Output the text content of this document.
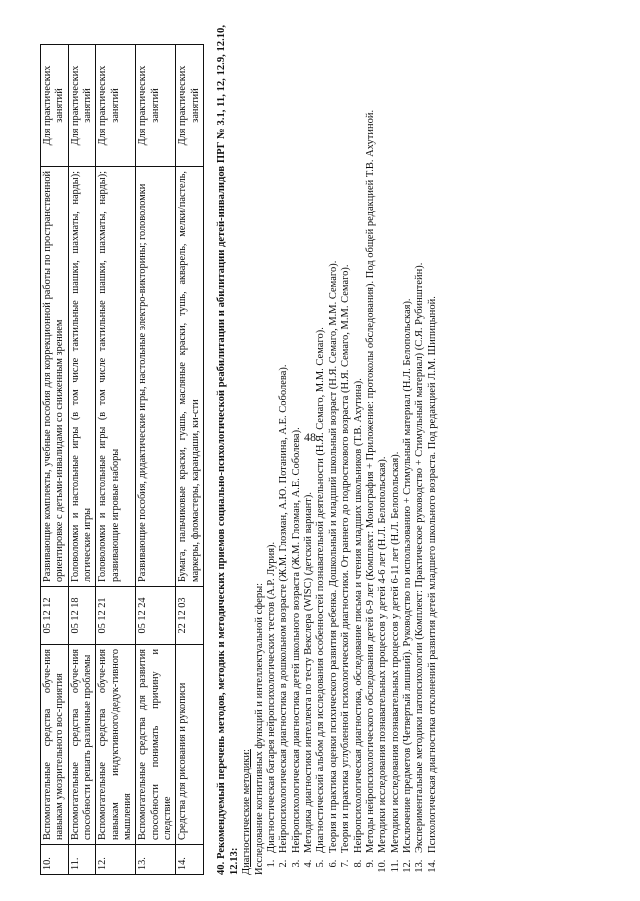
48
10.	Вспомогательные средства обуче-ния навыкам умозрительного вос-приятия	05 12 12	Развивающие комплекты, учебные пособия для коррекционной работы по пространственной ориентировке с детьми-инвалидами со сниженным зрением	Для практических занятий
11.	Вспомогательные средства обуче-ния способности решать различные проблемы	05 12 18	Головоломки и настольные игры (в том числе тактильные шашки, шахматы, нарды); логические игры	Для практических занятий
12.	Вспомогательные средства обуче-ния навыкам индуктивного/дедук-тивного мышления	05 12 21	Головоломки и настольные игры (в том числе тактильные шашки, шахматы, нарды); развивающие игровые наборы	Для практических занятий
13.	Вспомогательные средства для развития способности понимать причину и следствие	05 12 24	Развивающие пособия, дидактические игры, настольные электро-викторины; головоломки	Для практических занятий
14.	Средства для рисования и рукописи	22 12 03	Бумага, пальчиковые краски, гуашь, масляные краски, тушь, акварель, мелки/пастель, маркеры, фломастеры, карандаши, ки-сти	Для практических занятий 40. Рекомендуемый перечень методов, методик и методических приемов социально-психологической реабилитации и абилитации детей-инвалидов ПРГ № 3.1, 11, 12, 12.9, 12.10, 12.13: Диагностические методики: Исследование когнитивных функций и интеллектуальной сферы: 1. Диагностическая батарея нейропсихологических тестов (А.Р. Лурия). 2. Нейропсихологическая диагностика в дошкольном возрасте (Ж.М. Глозман, А.Ю. Потанина, А.Е. Соболева). 3. Нейропсихологическая диагностика детей школьного возраста (Ж.М. Глозман, А.Е. Соболева). 4. Методика диагностики интеллекта по тесту Векслера (WISC) (детский вариант). 5. Диагностический альбом для исследования особенностей познавательной деятельности (Н.Я. Семаго, М.М. Семаго). 6. Теория и практика оценки психического развития ребенка. Дошкольный и младший школьный возраст (Н.Я. Семаго, М.М. Семаго). 7. Теория и практика углубленной психологической диагностики. От раннего до подросткового возраста (Н.Я. Семаго, М.М. Семаго). 8. Нейропсихологическая диагностика, обследование письма и чтения младших школьников (Т.В. Ахутина). 9. Методы нейропсихологического обследования детей 6-9 лет (Комплект: Монография + Приложение: протоколы обследования). Под общей редакцией Т.В. Ахутиной. 10. Методики исследования познавательных процессов у детей 4-6 лет (Н.Л. Белопольская). 11. Методики исследования познавательных процессов у детей 6-11 лет (Н.Л. Белопольская). 12. Исключение предметов (Четвертый лишний). Руководство по использованию + Стимульный материал (Н.Л. Белопольская). 13. Экспериментальные методики патопсихологии (Комплект: Практическое руководство + Стимульный материал) (С.Я. Рубинштейн). 14. Психологическая диагностика отклонений развития детей младшего школьного возраста. Под редакцией Л.М. Шипицыной.
